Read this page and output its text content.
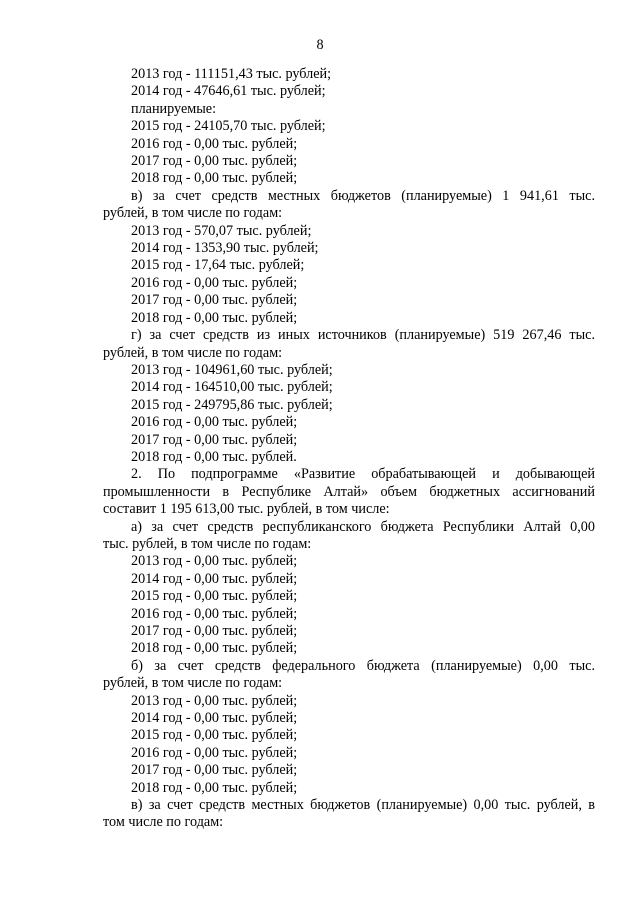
8
2013 год - 111151,43 тыс. рублей;
2014 год - 47646,61 тыс. рублей;
планируемые:
2015 год - 24105,70 тыс. рублей;
2016 год - 0,00 тыс. рублей;
2017 год - 0,00 тыс. рублей;
2018 год - 0,00 тыс. рублей;
в) за счет средств местных бюджетов (планируемые) 1 941,61 тыс.
рублей, в том числе по годам:
2013 год - 570,07 тыс. рублей;
2014 год - 1353,90 тыс. рублей;
2015 год - 17,64 тыс. рублей;
2016 год - 0,00 тыс. рублей;
2017 год - 0,00 тыс. рублей;
2018 год - 0,00 тыс. рублей;
г) за счет средств из иных источников (планируемые) 519 267,46 тыс.
рублей, в том числе по годам:
2013 год - 104961,60 тыс. рублей;
2014 год - 164510,00 тыс. рублей;
2015 год - 249795,86 тыс. рублей;
2016 год - 0,00 тыс. рублей;
2017 год - 0,00 тыс. рублей;
2018 год - 0,00 тыс. рублей.
2. По подпрограмме «Развитие обрабатывающей и добывающей
промышленности в Республике Алтай» объем бюджетных ассигнований
составит 1 195 613,00 тыс. рублей, в том числе:
а) за счет средств республиканского бюджета Республики Алтай 0,00
тыс. рублей, в том числе по годам:
2013 год - 0,00 тыс. рублей;
2014 год - 0,00 тыс. рублей;
2015 год - 0,00 тыс. рублей;
2016 год - 0,00 тыс. рублей;
2017 год - 0,00 тыс. рублей;
2018 год - 0,00 тыс. рублей;
б) за счет средств федерального бюджета (планируемые) 0,00 тыс.
рублей, в том числе по годам:
2013 год - 0,00 тыс. рублей;
2014 год - 0,00 тыс. рублей;
2015 год - 0,00 тыс. рублей;
2016 год - 0,00 тыс. рублей;
2017 год - 0,00 тыс. рублей;
2018 год - 0,00 тыс. рублей;
в) за счет средств местных бюджетов (планируемые) 0,00 тыс. рублей, в
том числе по годам:
